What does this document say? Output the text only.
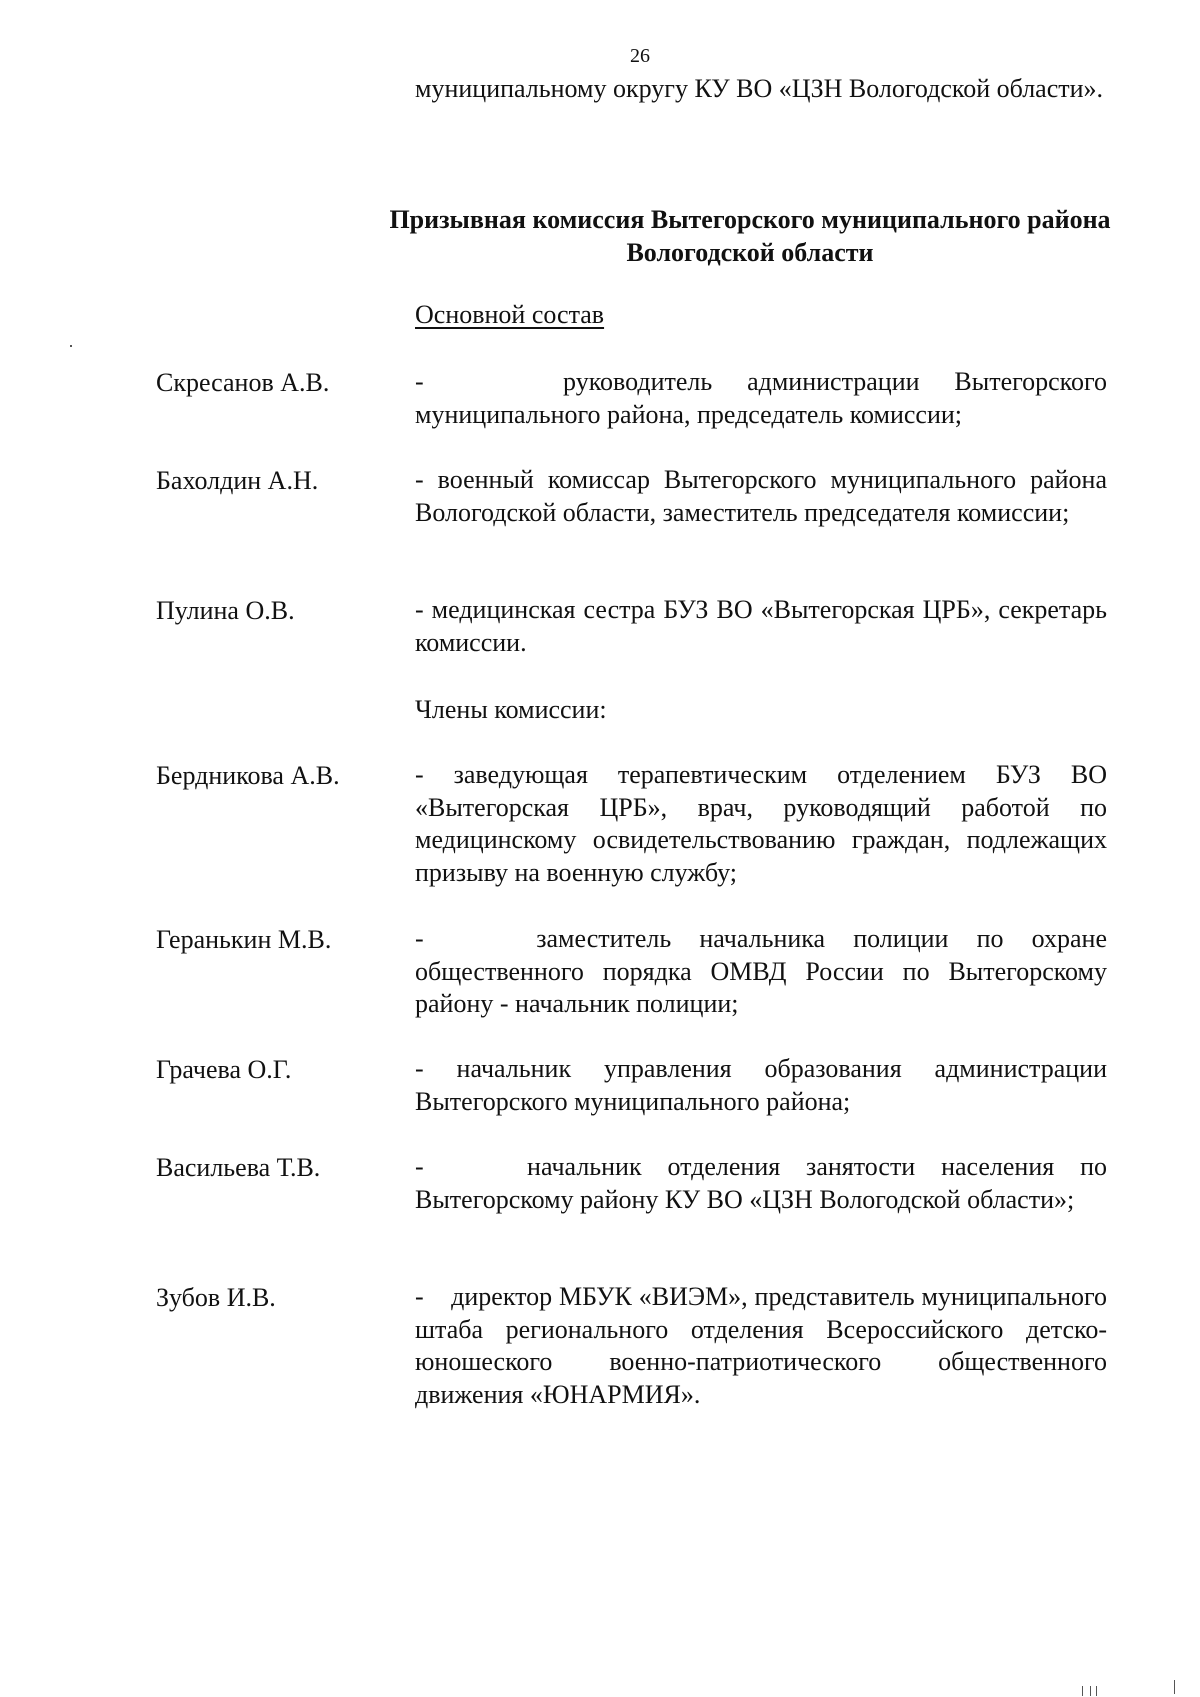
26
муниципальному округу КУ ВО «ЦЗН Вологодской области».
Призывная комиссия Вытегорского муниципального района
Вологодской области
Основной состав
Скресанов А.В.	-    руководитель администрации Вытегорского муниципального района, председатель комиссии;
Бахолдин А.Н.	- военный комиссар Вытегорского муниципального района Вологодской области, заместитель председателя комиссии;
Пулина О.В.	- медицинская сестра БУЗ ВО «Вытегорская ЦРБ», секретарь комиссии.
Члены комиссии:
Бердникова А.В.	- заведующая терапевтическим отделением БУЗ ВО «Вытегорская ЦРБ», врач, руководящий работой по медицинскому освидетельствованию граждан, подлежащих призыву на военную службу;
Геранькин М.В.	-    заместитель начальника полиции по охране общественного порядка ОМВД России по Вытегорскому району - начальник полиции;
Грачева О.Г.	- начальник управления образования администрации Вытегорского муниципального района;
Васильева Т.В.	-    начальник отделения занятости населения по Вытегорскому району КУ ВО «ЦЗН Вологодской области»;
Зубов И.В.	-    директор МБУК «ВИЭМ», представитель муниципального штаба регионального отделения Всероссийского детско-юношеского военно-патриотического общественного движения «ЮНАРМИЯ».
